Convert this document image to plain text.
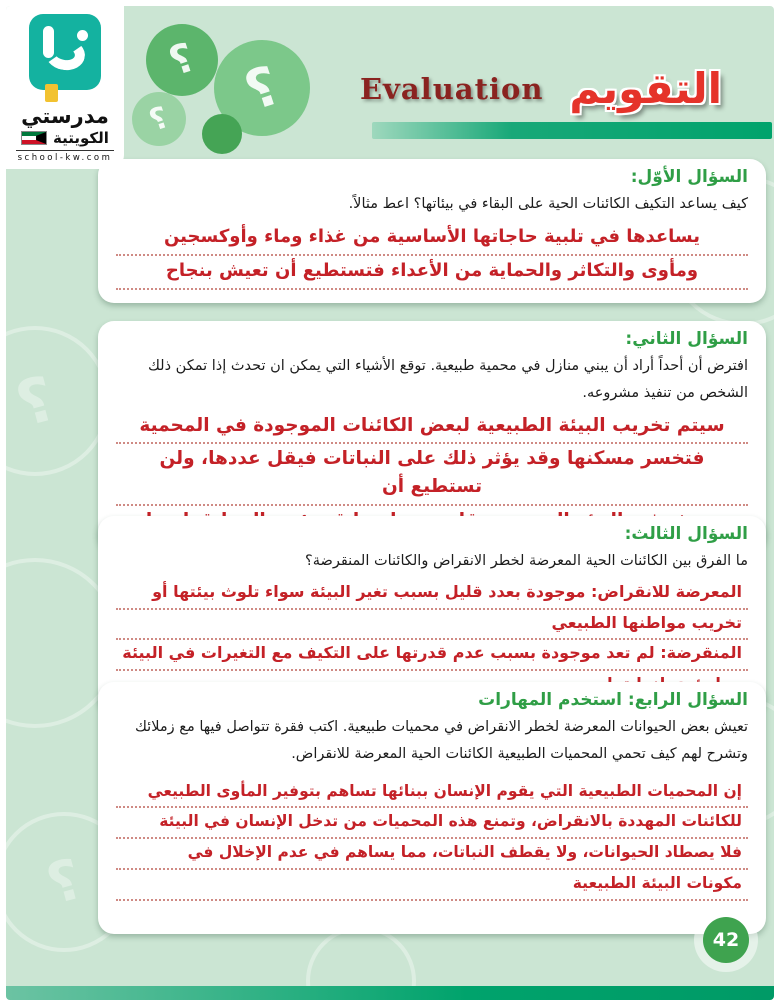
؟
؟
؟ ؟
؟
مدرستي
الكويتية
school-kw.com
Evaluation التقويم
السؤال الأوّل:

كيف يساعد التكيف الكائنات الحية على البقاء في بيئاتها؟ اعط مثالاً.

يساعدها في تلبية حاجاتها الأساسية من غذاء وماء وأوكسجين
ومأوى والتكاثر والحماية من الأعداء فتستطيع أن تعيش بنجاح
السؤال الثاني:

افترض أن أحداً أراد أن يبني منازل في محمية طبيعية. توقع الأشياء التي يمكن ان تحدث إذا تمكن ذلك الشخص من تنفيذ مشروعه.

سيتم تخريب البيئة الطبيعية لبعض الكائنات الموجودة في المحمية
فتخسر مسكنها وقد يؤثر ذلك على النباتات فيقل عددها، ولن تستطيع أن
السؤال الثالث:

ما الفرق بين الكائنات الحية المعرضة لخطر الانقراض والكائنات المنقرضة؟

المعرضة للانقراض: موجودة بعدد قليل بسبب تغير البيئة سواء تلوث بيئتها أو
تخريب مواطنها الطبيعي
المنقرضة: لم تعد موجودة بسبب عدم قدرتها على التكيف مع التغيرات في البيئة
السؤال الرابع: استخدم المهارات

تعيش بعض الحيوانات المعرضة لخطر الانقراض في محميات طبيعية. اكتب فقرة تتواصل فيها مع زملائك وتشرح لهم كيف تحمي المحميات الطبيعية الكائنات الحية المعرضة للانقراض.

إن المحميات الطبيعية التي يقوم الإنسان ببنائها تساهم بتوفير المأوى الطبيعي
للكائنات المهددة بالانقراض، وتمنع هذه المحميات من تدخل الإنسان في البيئة
فلا يصطاد الحيوانات، ولا يقطف النباتات، مما يساهم في عدم الإخلال في
مكونات البيئة الطبيعية
42
